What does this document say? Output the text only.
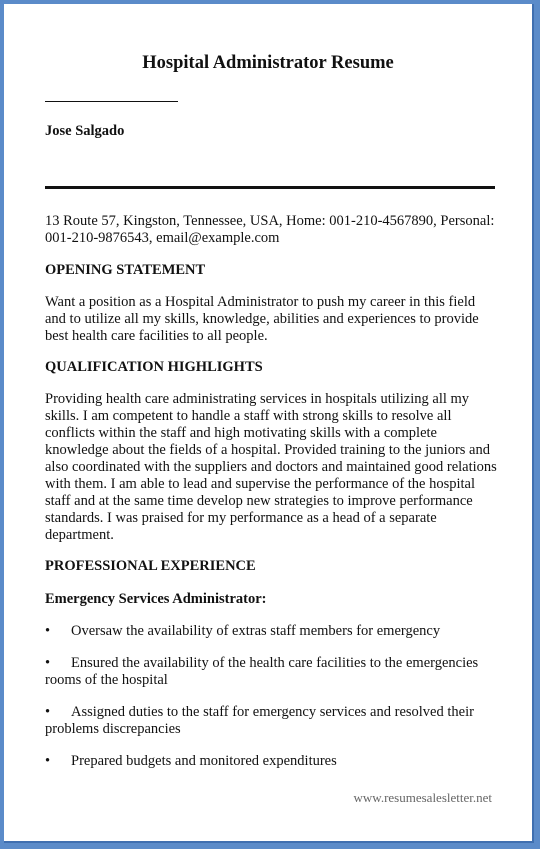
Hospital Administrator Resume
Jose Salgado
13 Route 57, Kingston, Tennessee, USA, Home: 001-210-4567890, Personal: 001-210-9876543, email@example.com
OPENING STATEMENT
Want a position as a Hospital Administrator to push my career in this field and to utilize all my skills, knowledge, abilities and experiences to provide best health care facilities to all people.
QUALIFICATION HIGHLIGHTS
Providing health care administrating services in hospitals utilizing all my skills. I am competent to handle a staff with strong skills to resolve all conflicts within the staff and high motivating skills with a complete knowledge about the fields of a hospital. Provided training to the juniors and also coordinated with the suppliers and doctors and maintained good relations with them. I am able to lead and supervise the performance of the hospital staff and at the same time develop new strategies to improve performance standards. I was praised for my performance as a head of a separate department.
PROFESSIONAL EXPERIENCE
Emergency Services Administrator:
• Oversaw the availability of extras staff members for emergency
• Ensured the availability of the health care facilities to the emergencies rooms of the hospital
• Assigned duties to the staff for emergency services and resolved their problems discrepancies
• Prepared budgets and monitored expenditures
www.resumesalesletter.net
